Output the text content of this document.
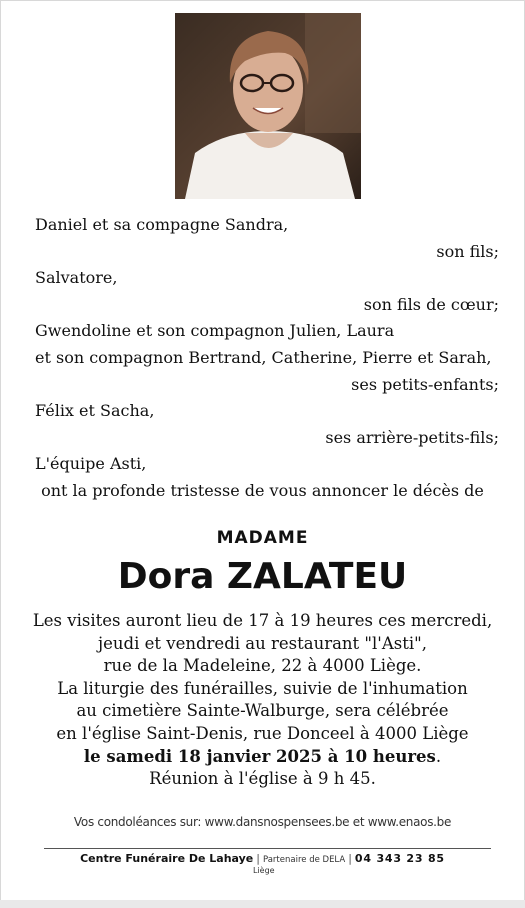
Daniel et sa compagne Sandra,
son fils;
Salvatore,
son fils de cœur;
Gwendoline et son compagnon Julien, Laura
et son compagnon Bertrand, Catherine, Pierre et Sarah,
ses petits-enfants;
Félix et Sacha,
ses arrière-petits-fils;
L'équipe Asti,
ont la profonde tristesse de vous annoncer le décès de
MADAME
Dora ZALATEU
Les visites auront lieu de 17 à 19 heures ces mercredi,
jeudi et vendredi au restaurant "l'Asti",
rue de la Madeleine, 22 à 4000 Liège.
La liturgie des funérailles, suivie de l'inhumation
au cimetière Sainte-Walburge, sera célébrée
en l'église Saint-Denis, rue Donceel à 4000 Liège
le samedi 18 janvier 2025 à 10 heures.
Réunion à l'église à 9 h 45.
Vos condoléances sur: www.dansnospensees.be et www.enaos.be
Centre Funéraire De Lahaye | Partenaire de DELA | 04 343 23 85
Liège
